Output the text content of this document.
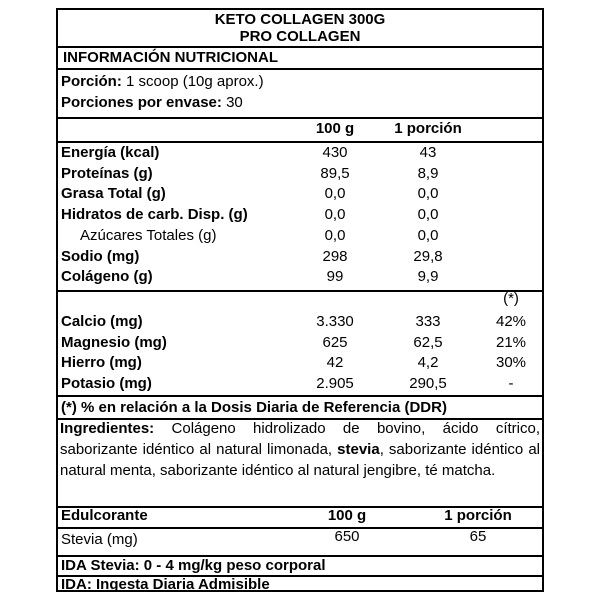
KETO COLLAGEN 300G
PRO COLLAGEN
INFORMACIÓN NUTRICIONAL
Porción: 1 scoop (10g aprox.)
Porciones por envase: 30
100 g	1 porción
Energía (kcal)	430	43
Proteínas (g)	89,5	8,9
Grasa Total (g)	0,0	0,0
Hidratos de carb. Disp. (g)	0,0	0,0
Azúcares Totales (g)	0,0	0,0
Sodio (mg)	298	29,8
Colágeno (g)	99	9,9
(*)
Calcio (mg)	3.330	333	42%
Magnesio (mg)	625	62,5	21%
Hierro (mg)	42	4,2	30%
Potasio (mg)	2.905	290,5	-
(*) % en relación a la Dosis Diaria de Referencia (DDR)
Ingredientes: Colágeno hidrolizado de bovino, ácido cítrico, saborizante idéntico al natural limonada, stevia, saborizante idéntico al natural menta, saborizante idéntico al natural jengibre, té matcha.
Edulcorante	100 g	1 porción
Stevia (mg)	650	65
IDA Stevia: 0 - 4 mg/kg peso corporal
IDA: Ingesta Diaria Admisible
